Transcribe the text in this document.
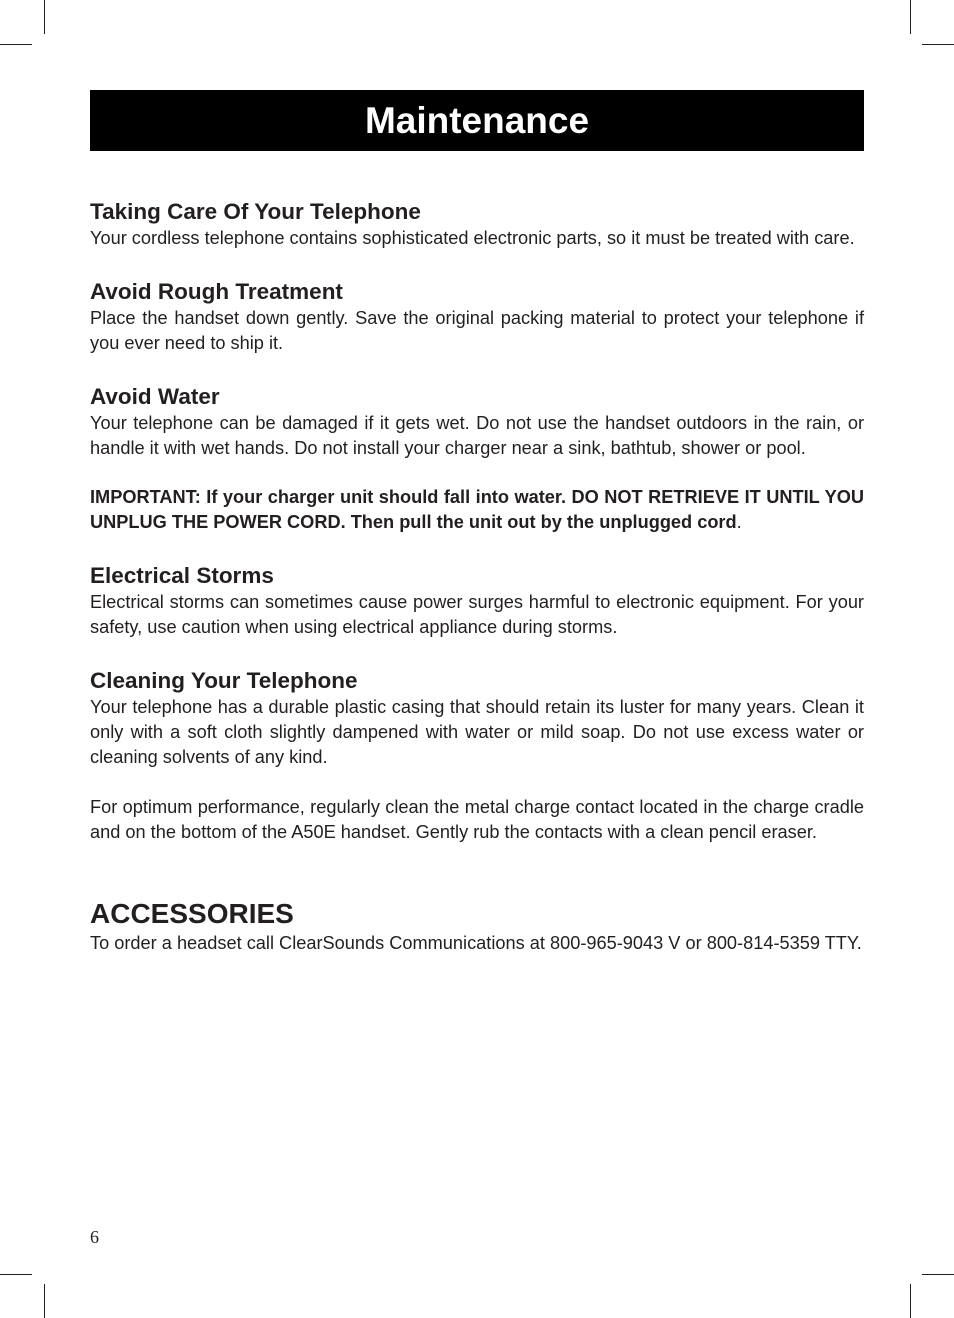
Maintenance
Taking Care Of Your Telephone

Your cordless telephone contains sophisticated electronic parts, so it must be treated with care.

Avoid Rough Treatment

Place the handset down gently. Save the original packing material to protect your telephone if you ever need to ship it.

Avoid Water

Your telephone can be damaged if it gets wet. Do not use the handset outdoors in the rain, or handle it with wet hands. Do not install your charger near a sink, bathtub, shower or pool.

IMPORTANT: If your charger unit should fall into water. DO NOT RETRIEVE IT UNTIL YOU UNPLUG THE POWER CORD. Then pull the unit out by the unplugged cord.

Electrical Storms

Electrical storms can sometimes cause power surges harmful to electronic equipment. For your safety, use caution when using electrical appliance during storms.

Cleaning Your Telephone

Your telephone has a durable plastic casing that should retain its luster for many years. Clean it only with a soft cloth slightly dampened with water or mild soap. Do not use excess water or cleaning solvents of any kind.

For optimum performance, regularly clean the metal charge contact located in the charge cradle and on the bottom of the A50E handset. Gently rub the contacts with a clean pencil eraser.

ACCESSORIES

To order a headset call ClearSounds Communications at 800-965-9043 V or 800-814-5359 TTY.

6
